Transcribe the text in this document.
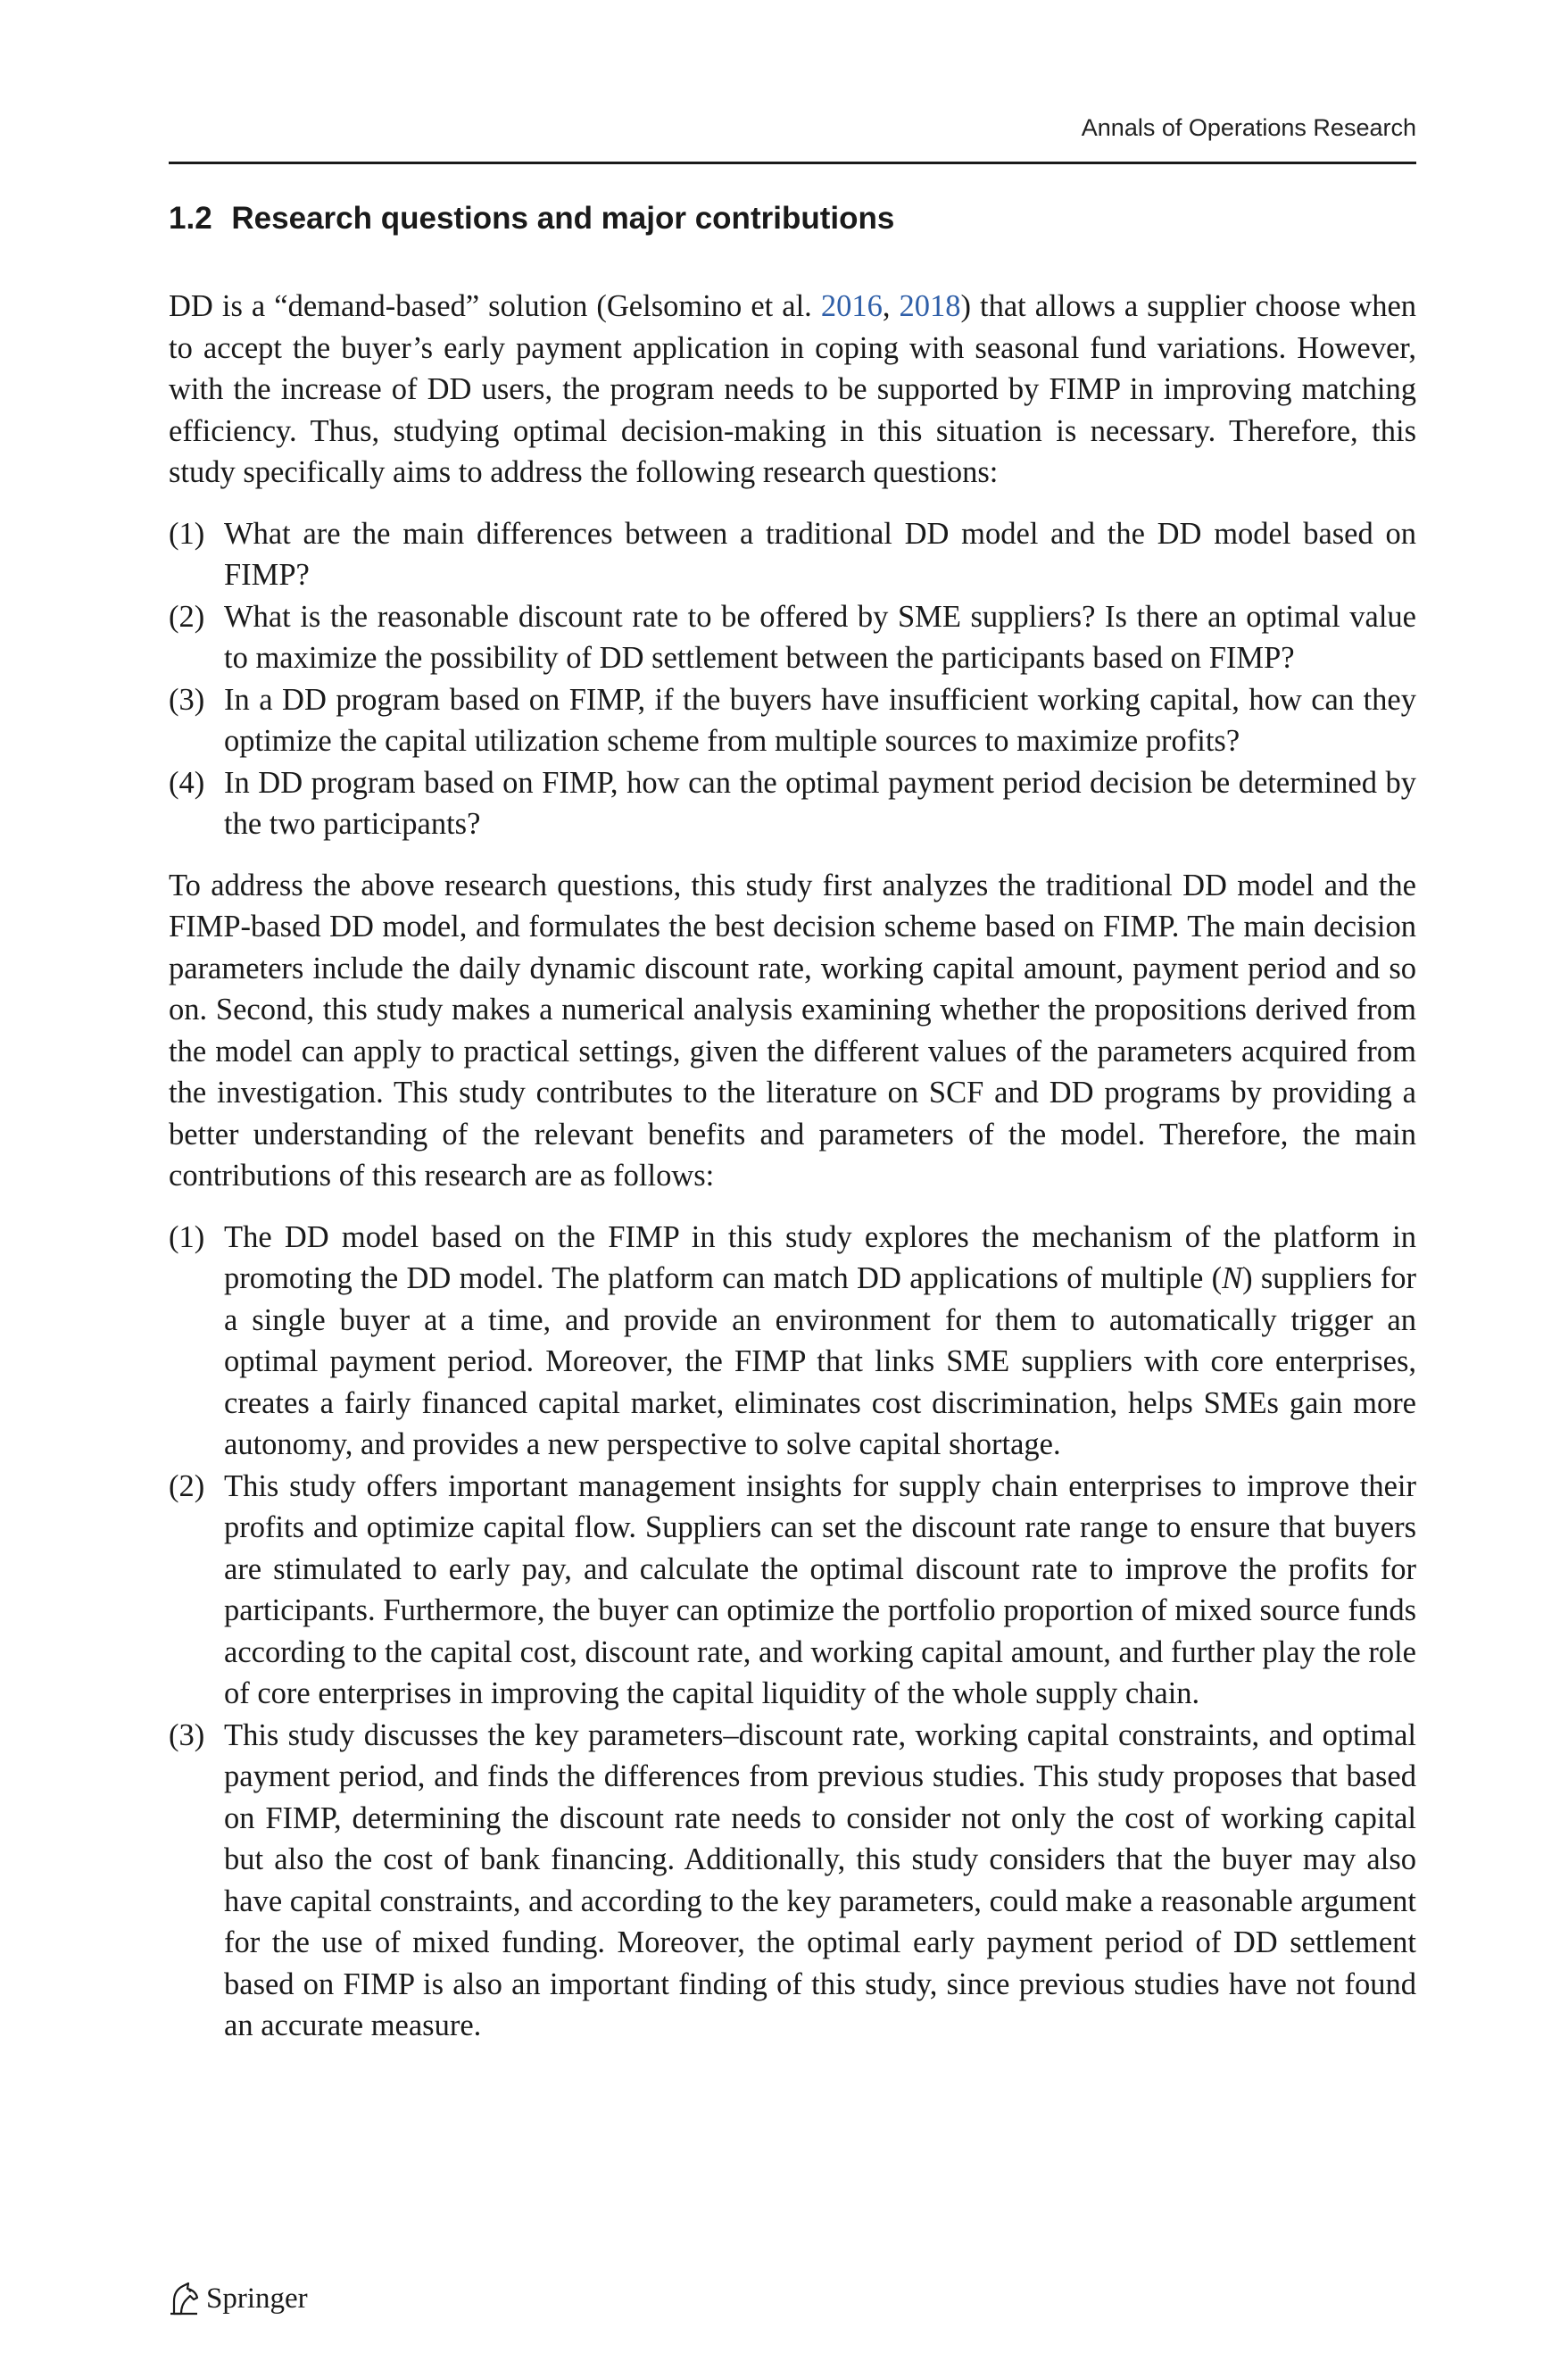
Annals of Operations Research
1.2 Research questions and major contributions

DD is a “demand-based” solution (Gelsomino et al. 2016, 2018) that allows a supplier choose when to accept the buyer’s early payment application in coping with seasonal fund variations. However, with the increase of DD users, the program needs to be supported by FIMP in improving matching efficiency. Thus, studying optimal decision-making in this situation is necessary. Therefore, this study specifically aims to address the following research questions:

(1) What are the main differences between a traditional DD model and the DD model based on FIMP?
(2) What is the reasonable discount rate to be offered by SME suppliers? Is there an optimal value to maximize the possibility of DD settlement between the participants based on FIMP?
(3) In a DD program based on FIMP, if the buyers have insufficient working capital, how can they optimize the capital utilization scheme from multiple sources to maximize profits?
(4) In DD program based on FIMP, how can the optimal payment period decision be determined by the two participants?

To address the above research questions, this study first analyzes the traditional DD model and the FIMP-based DD model, and formulates the best decision scheme based on FIMP. The main decision parameters include the daily dynamic discount rate, working capital amount, payment period and so on. Second, this study makes a numerical analysis examining whether the propositions derived from the model can apply to practical settings, given the different values of the parameters acquired from the investigation. This study contributes to the literature on SCF and DD programs by providing a better understanding of the relevant benefits and parameters of the model. Therefore, the main contributions of this research are as follows:

(1) The DD model based on the FIMP in this study explores the mechanism of the platform in promoting the DD model. The platform can match DD applications of multiple (N) suppliers for a single buyer at a time, and provide an environment for them to automatically trigger an optimal payment period. Moreover, the FIMP that links SME suppliers with core enterprises, creates a fairly financed capital market, eliminates cost discrimination, helps SMEs gain more autonomy, and provides a new perspective to solve capital shortage.
(2) This study offers important management insights for supply chain enterprises to improve their profits and optimize capital flow. Suppliers can set the discount rate range to ensure that buyers are stimulated to early pay, and calculate the optimal discount rate to improve the profits for participants. Furthermore, the buyer can optimize the portfolio proportion of mixed source funds according to the capital cost, discount rate, and working capital amount, and further play the role of core enterprises in improving the capital liquidity of the whole supply chain.
(3) This study discusses the key parameters–discount rate, working capital constraints, and optimal payment period, and finds the differences from previous studies. This study proposes that based on FIMP, determining the discount rate needs to consider not only the cost of working capital but also the cost of bank financing. Additionally, this study considers that the buyer may also have capital constraints, and according to the key parameters, could make a reasonable argument for the use of mixed funding. Moreover, the optimal early payment period of DD settlement based on FIMP is also an important finding of this study, since previous studies have not found an accurate measure.
Springer
